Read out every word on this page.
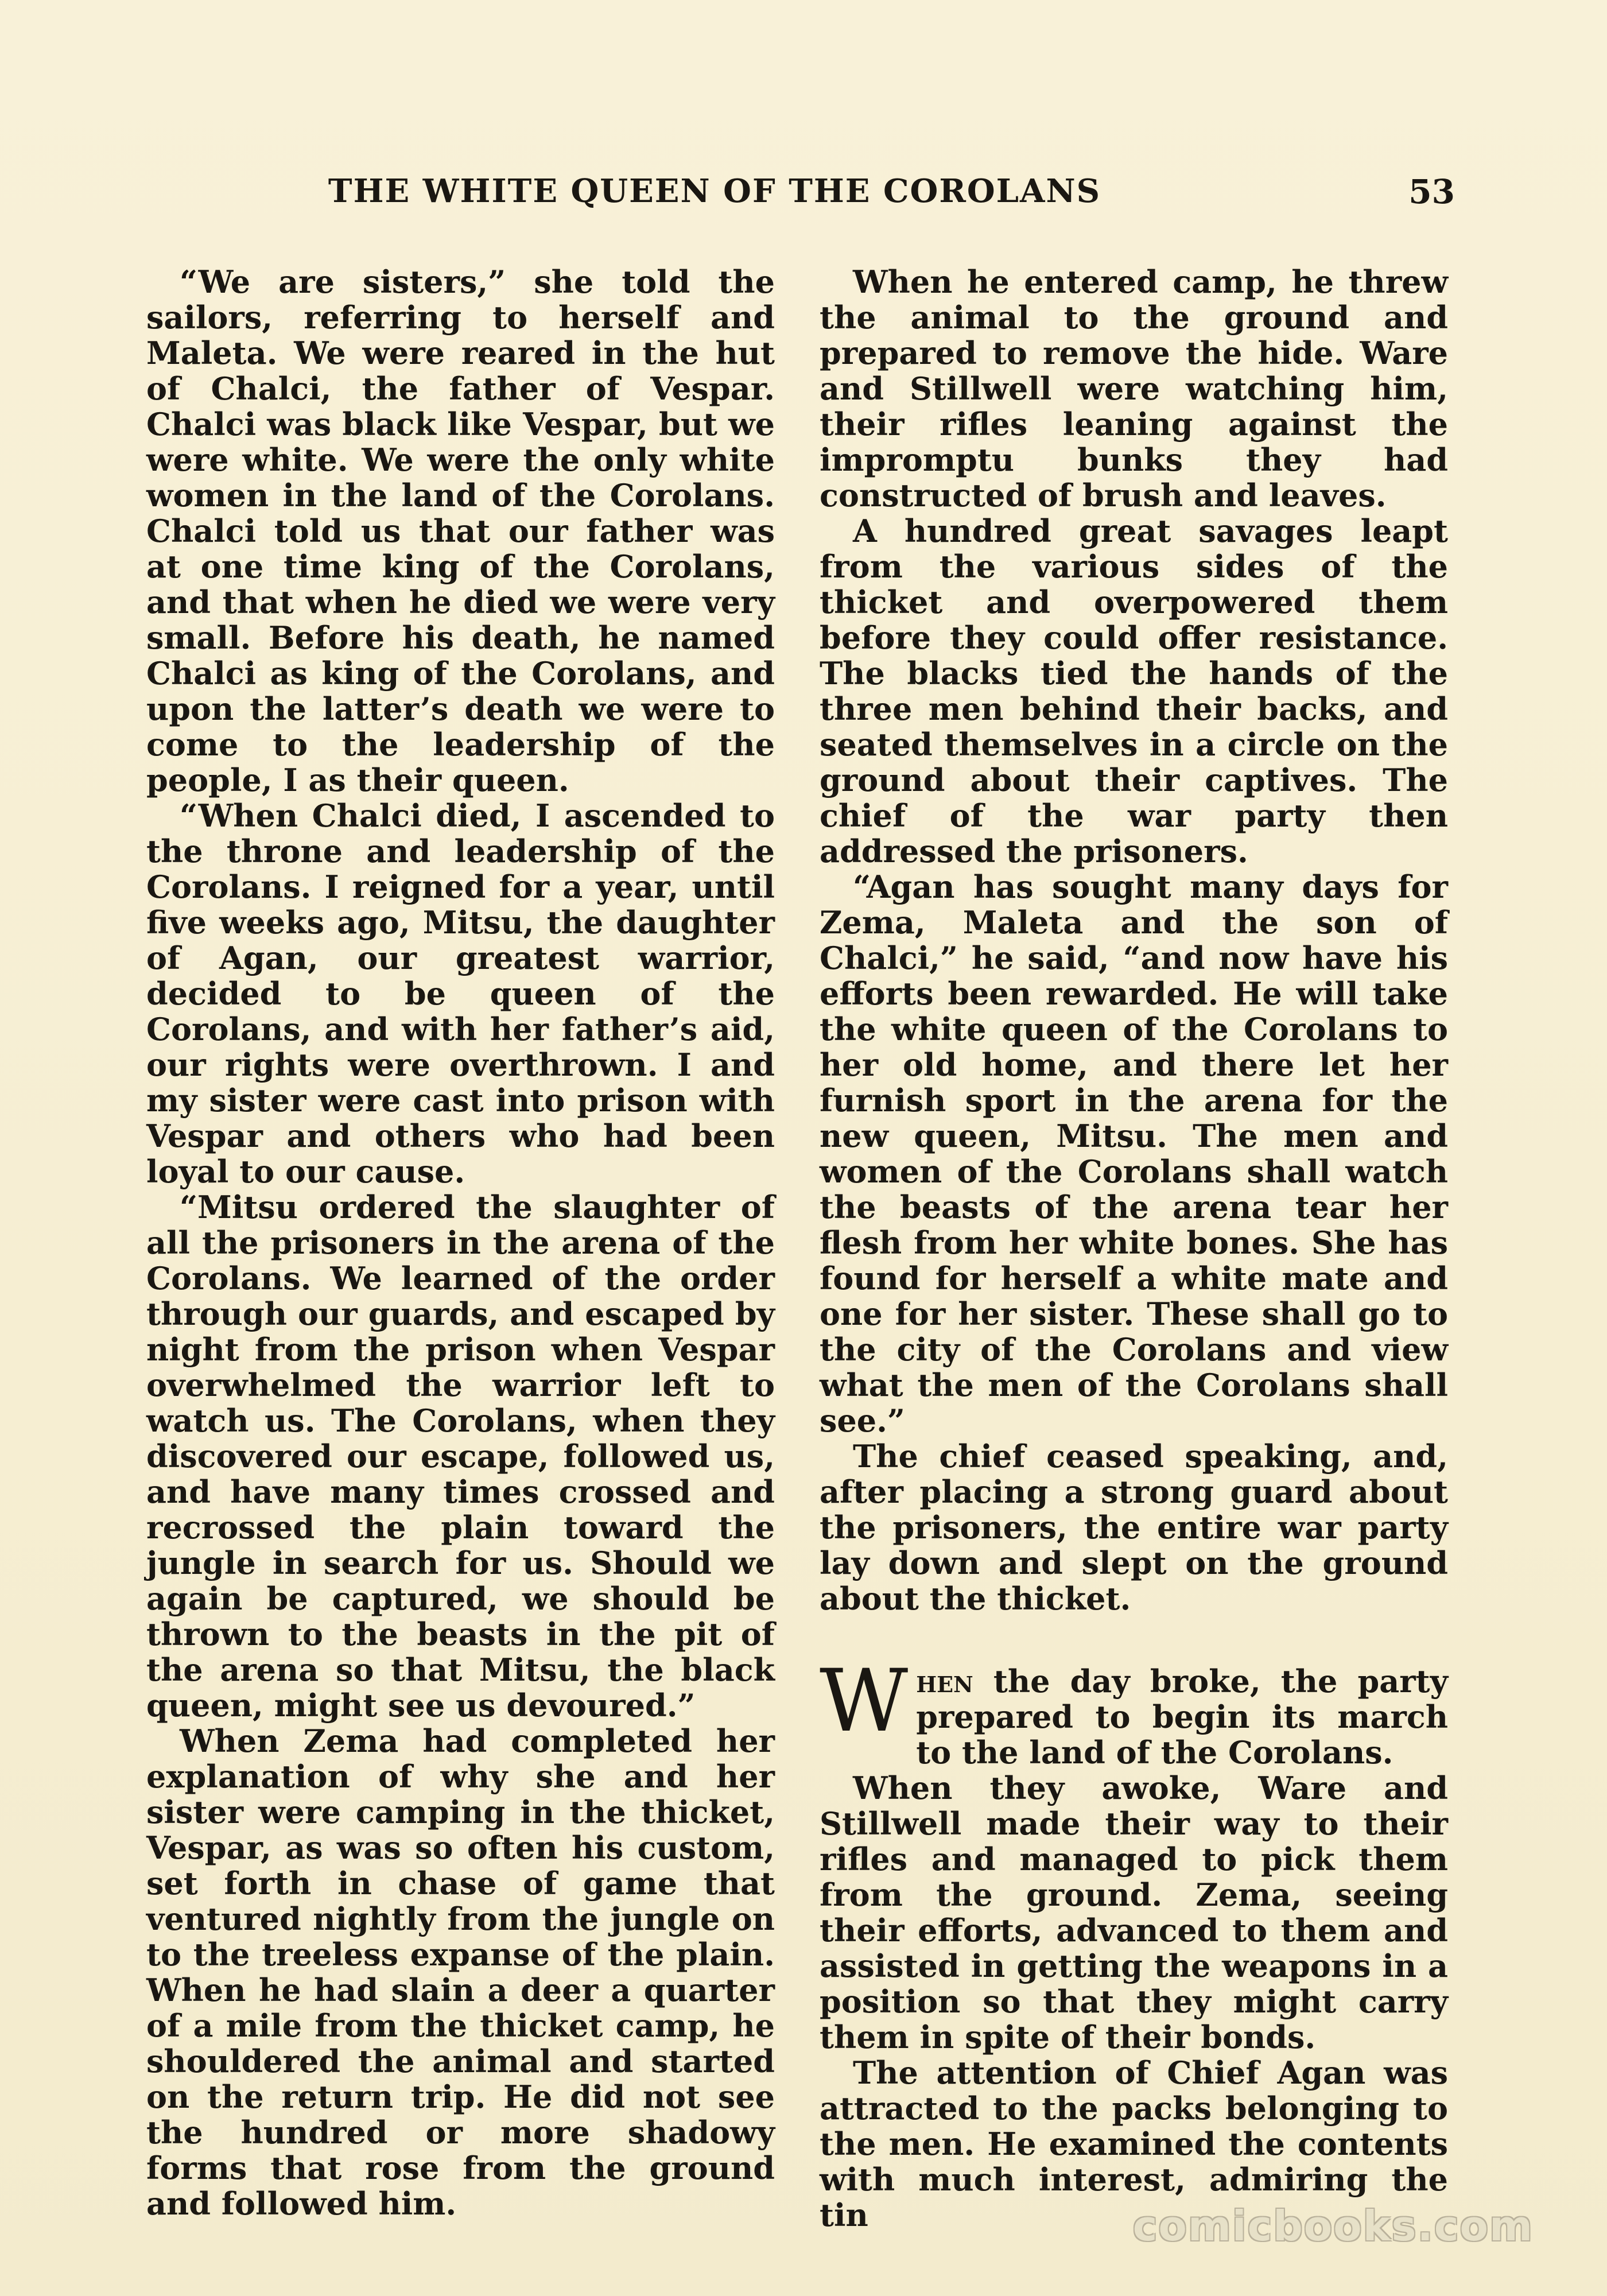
THE WHITE QUEEN OF THE COROLANS	53

“We are sisters,” she told the sailors, referring to herself and Maleta. We were reared in the hut of Chalci, the father of Vespar. Chalci was black like Vespar, but we were white. We were the only white women in the land of the Corolans. Chalci told us that our father was at one time king of the Corolans, and that when he died we were very small. Before his death, he named Chalci as king of the Corolans, and upon the latter’s death we were to come to the leadership of the people, I as their queen.

“When Chalci died, I ascended to the throne and leadership of the Corolans. I reigned for a year, until five weeks ago, Mitsu, the daughter of Agan, our greatest warrior, decided to be queen of the Corolans, and with her father’s aid, our rights were overthrown. I and my sister were cast into prison with Vespar and others who had been loyal to our cause.

“Mitsu ordered the slaughter of all the prisoners in the arena of the Corolans. We learned of the order through our guards, and escaped by night from the prison when Vespar overwhelmed the warrior left to watch us. The Corolans, when they discovered our escape, followed us, and have many times crossed and recrossed the plain toward the jungle in search for us. Should we again be captured, we should be thrown to the beasts in the pit of the arena so that Mitsu, the black queen, might see us devoured.”

When Zema had completed her explanation of why she and her sister were camping in the thicket, Vespar, as was so often his custom, set forth in chase of game that ventured nightly from the jungle on to the treeless expanse of the plain. When he had slain a deer a quarter of a mile from the thicket camp, he shouldered the animal and started on the return trip. He did not see the hundred or more shadowy forms that rose from the ground and followed him.

When he entered camp, he threw the animal to the ground and prepared to remove the hide. Ware and Stillwell were watching him, their rifles leaning against the impromptu bunks they had constructed of brush and leaves.

A hundred great savages leapt from the various sides of the thicket and overpowered them before they could offer resistance. The blacks tied the hands of the three men behind their backs, and seated themselves in a circle on the ground about their captives. The chief of the war party then addressed the prisoners.

“Agan has sought many days for Zema, Maleta and the son of Chalci,” he said, “and now have his efforts been rewarded. He will take the white queen of the Corolans to her old home, and there let her furnish sport in the arena for the new queen, Mitsu. The men and women of the Corolans shall watch the beasts of the arena tear her flesh from her white bones. She has found for herself a white mate and one for her sister. These shall go to the city of the Corolans and view what the men of the Corolans shall see.”

The chief ceased speaking, and, after placing a strong guard about the prisoners, the entire war party lay down and slept on the ground about the thicket.

When the day broke, the party prepared to begin its march to the land of the Corolans.

When they awoke, Ware and Stillwell made their way to their rifles and managed to pick them from the ground. Zema, seeing their efforts, advanced to them and assisted in getting the weapons in a position so that they might carry them in spite of their bonds.

The attention of Chief Agan was attracted to the packs belonging to the men. He examined the contents with much interest, admiring the tin	comicbooks.com
